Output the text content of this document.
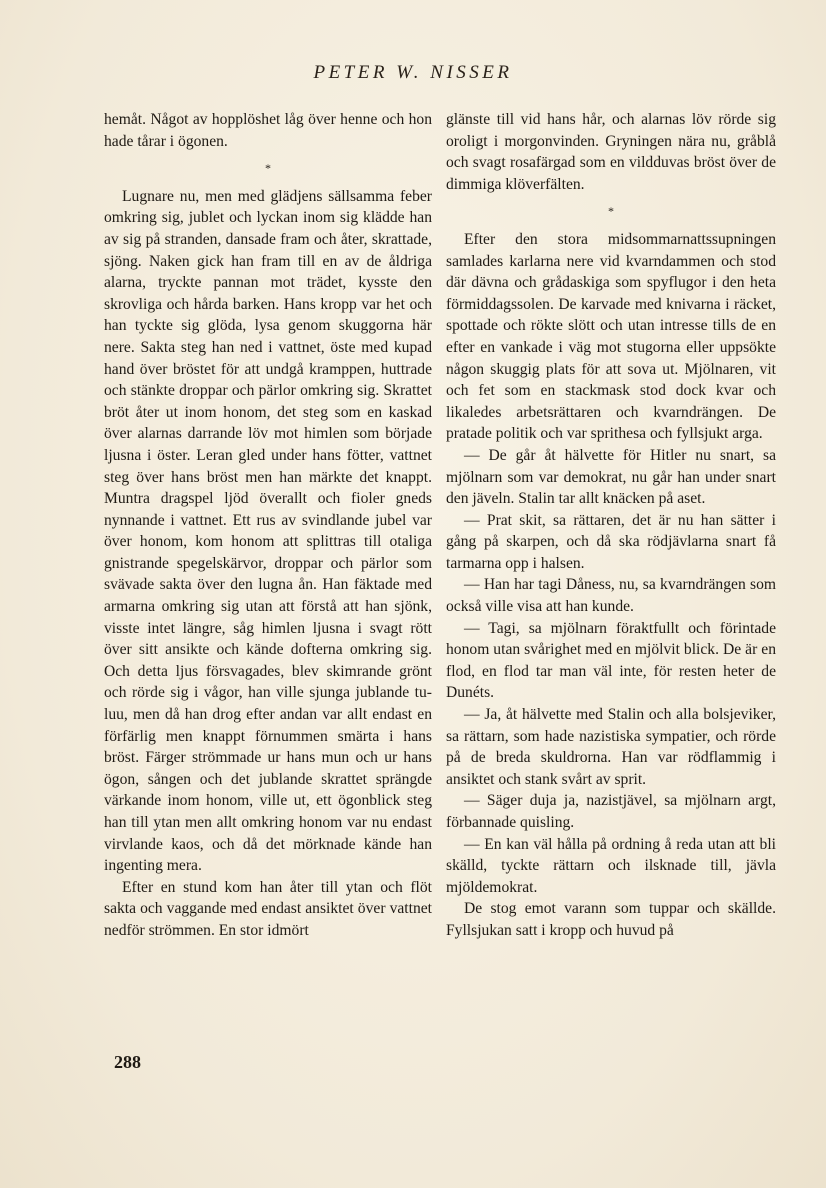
PETER W. NISSER

hemåt. Något av hopplöshet låg över henne och hon hade tårar i ögonen.

*

Lugnare nu, men med glädjens sällsamma feber omkring sig, jublet och lyckan inom sig klädde han av sig på stranden, dansade fram och åter, skrattade, sjöng. Naken gick han fram till en av de åldriga alarna, tryckte pannan mot trädet, kysste den skrovliga och hårda barken. Hans kropp var het och han tyckte sig glöda, lysa genom skuggorna här nere. Sakta steg han ned i vattnet, öste med kupad hand över bröstet för att undgå kramppen, huttrade och stänkte droppar och pärlor omkring sig. Skrattet bröt åter ut inom honom, det steg som en kaskad över alarnas darrande löv mot himlen som började ljusna i öster. Leran gled under hans fötter, vattnet steg över hans bröst men han märkte det knappt. Muntra dragspel ljöd överallt och fioler gneds nynnande i vattnet. Ett rus av svindlande jubel var över honom, kom honom att splittras till otaliga gnistrande spegelskärvor, droppar och pärlor som svävade sakta över den lugna ån. Han fäktade med armarna omkring sig utan att förstå att han sjönk, visste intet längre, såg himlen ljusna i svagt rött över sitt ansikte och kände dofterna omkring sig. Och detta ljus försvagades, blev skimrande grönt och rörde sig i vågor, han ville sjunga jublande tu-luu, men då han drog efter andan var allt endast en förfärlig men knappt förnummen smärta i hans bröst. Färger strömmade ur hans mun och ur hans ögon, sången och det jublande skrattet sprängde värkande inom honom, ville ut, ett ögonblick steg han till ytan men allt omkring honom var nu endast virvlande kaos, och då det mörknade kände han ingenting mera.

Efter en stund kom han åter till ytan och flöt sakta och vaggande med endast ansiktet över vattnet nedför strömmen. En stor idmört

glänste till vid hans hår, och alarnas löv rörde sig oroligt i morgonvinden. Gryningen nära nu, gråblå och svagt rosafärgad som en vildduvas bröst över de dimmiga klöverfälten.

*

Efter den stora midsommarnattssupningen samlades karlarna nere vid kvarndammen och stod där dävna och grådaskiga som spyflugor i den heta förmiddagssolen. De karvade med knivarna i räcket, spottade och rökte slött och utan intresse tills de en efter en vankade i väg mot stugorna eller uppsökte någon skuggig plats för att sova ut. Mjölnaren, vit och fet som en stackmask stod dock kvar och likaledes arbetsrättaren och kvarndrängen. De pratade politik och var sprithesa och fyllsjukt arga.

— De går åt hälvette för Hitler nu snart, sa mjölnarn som var demokrat, nu går han under snart den jäveln. Stalin tar allt knäcken på aset.

— Prat skit, sa rättaren, det är nu han sätter i gång på skarpen, och då ska rödjävlarna snart få tarmarna opp i halsen.

— Han har tagi Dåness, nu, sa kvarndrängen som också ville visa att han kunde.

— Tagi, sa mjölnarn föraktfullt och förintade honom utan svårighet med en mjölvit blick. De är en flod, en flod tar man väl inte, för resten heter de Dunéts.

— Ja, åt hälvette med Stalin och alla bolsjeviker, sa rättarn, som hade nazistiska sympatier, och rörde på de breda skuldrorna. Han var rödflammig i ansiktet och stank svårt av sprit.

— Säger duja ja, nazistjävel, sa mjölnarn argt, förbannade quisling.

— En kan väl hålla på ordning å reda utan att bli skälld, tyckte rättarn och ilsknade till, jävla mjöldemokrat.

De stog emot varann som tuppar och skällde. Fyllsjukan satt i kropp och huvud på

288
